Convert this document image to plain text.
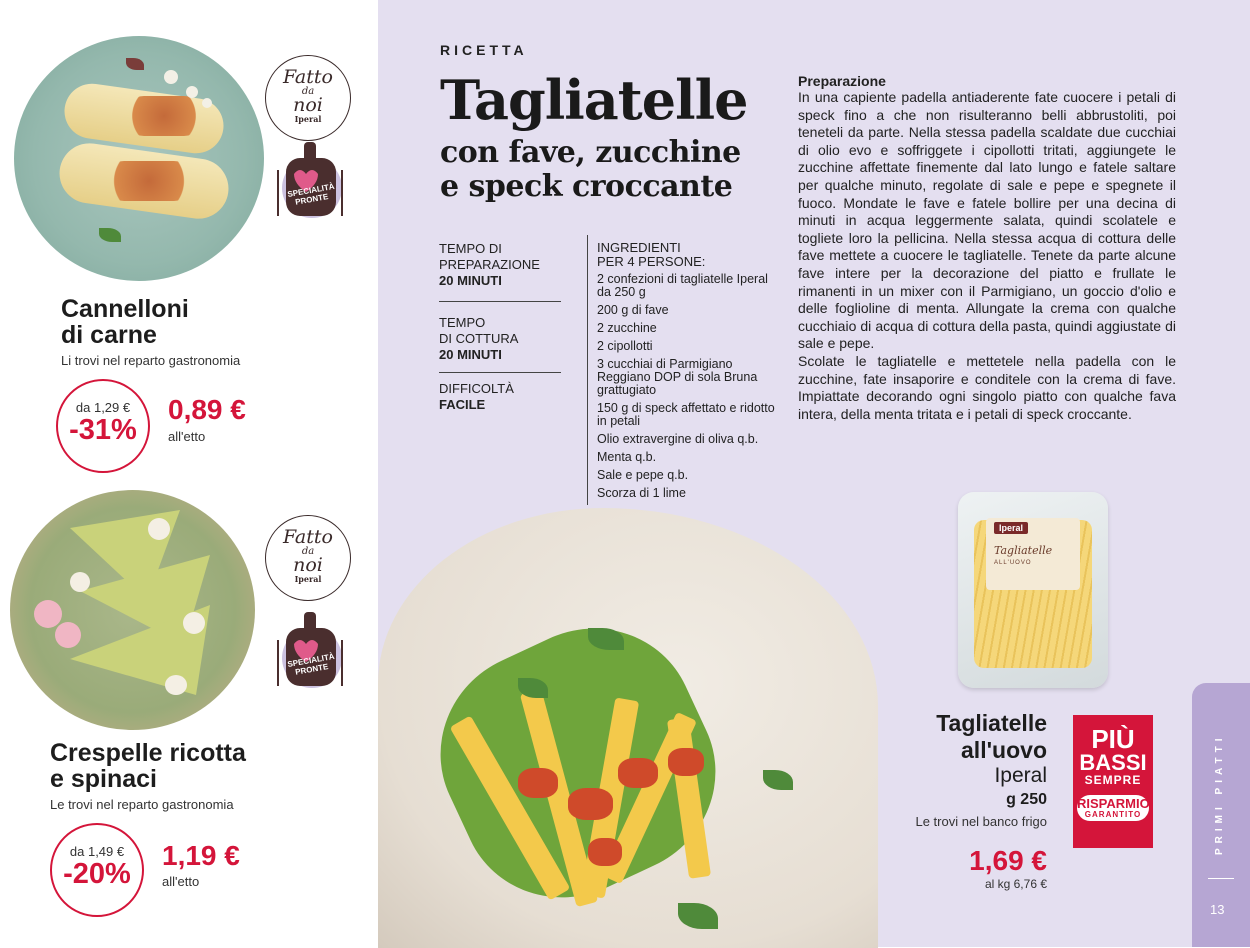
Fatto
da
noi
Iperal
SPECIALITÀ PRONTE
Cannelloni
di carne
Li trovi nel reparto gastronomia
da 1,29 €
-31%
0,89 €
all'etto
Fatto
da
noi
Iperal
SPECIALITÀ PRONTE
Crespelle ricotta
e spinaci
Le trovi nel reparto gastronomia
da 1,49 €
-20%
1,19 €
all'etto
RICETTA
Tagliatelle
con fave, zucchine
e speck croccante
TEMPO DI
PREPARAZIONE
20 MINUTI
TEMPO
DI COTTURA
20 MINUTI
DIFFICOLTÀ
FACILE
INGREDIENTI
PER 4 PERSONE:
2 confezioni di tagliatelle Iperal da 250 g
200 g di fave
2 zucchine
2 cipollotti
3 cucchiai di Parmigiano Reggiano DOP di sola Bruna grattugiato
150 g di speck affettato e ridotto in petali
Olio extravergine di oliva q.b.
Menta q.b.
Sale e pepe q.b.
Scorza di 1 lime
Preparazione
In una capiente padella antiaderente fate cuocere i petali di speck fino a che non risulteranno belli abbrustoliti, poi teneteli da parte. Nella stessa padella scaldate due cucchiai di olio evo e soffriggete i cipollotti tritati, aggiungete le zucchine affettate finemente dal lato lungo e fatele saltare per qualche minuto, regolate di sale e pepe e spegnete il fuoco. Mondate le fave e fatele bollire per una decina di minuti in acqua leggermente salata, quindi scolatele e togliete loro la pellicina. Nella stessa acqua di cottura delle fave mettete a cuocere le tagliatelle. Tenete da parte alcune fave intere per la decorazione del piatto e frullate le rimanenti in un mixer con il Parmigiano, un goccio d'olio e delle foglioline di menta. Allungate la crema con qualche cucchiaio di acqua di cottura della pasta, quindi aggiustate di sale e pepe.
Scolate le tagliatelle e mettetele nella padella con le zucchine, fate insaporire e conditele con la crema di fave. Impiattate decorando ogni singolo piatto con qualche fava intera, della menta tritata e i petali di speck croccante.
Iperal
Tagliatelle
ALL'UOVO
Tagliatelle
all'uovo
Iperal
g 250
Le trovi nel banco frigo
1,69 €
al kg 6,76 €
PIÙ
BASSI
SEMPRE
RISPARMIO
GARANTITO	PRIMI PIATTI
13
